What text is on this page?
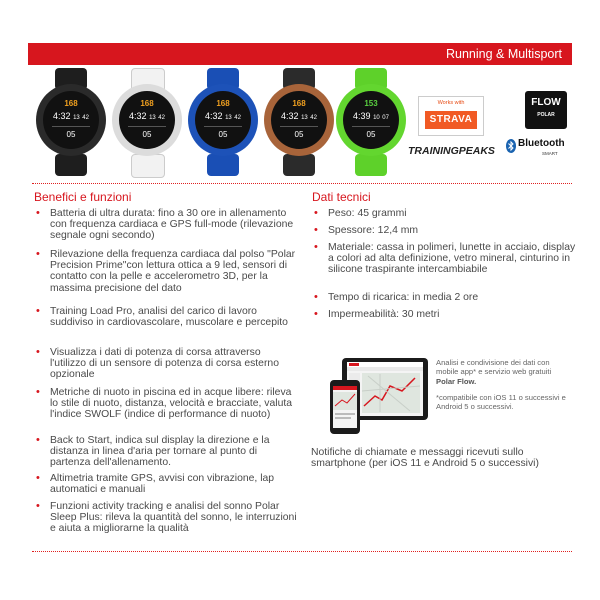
Running & Multisport
168
4:32 13 42
05
168
4:32 13 42
05
168
4:32 13 42
05
168
4:32 13 42
05
153
4:39 10 07
05
Works with
STRAVA
TRAININGPEAKS
FLOW
POLAR
Bluetooth
SMART
Benefici e funzioni
• Batteria di ultra durata: fino a 30 ore in allenamento con frequenza cardiaca e GPS full-mode (rilevazione segnale ogni secondo)
• Rilevazione della frequenza cardiaca dal polso "Polar Precision Prime"con lettura ottica a 9 led, sensori di contatto con la pelle e accelerometro 3D, per la massima precisione del dato
• Training Load Pro, analisi del carico di lavoro suddiviso in cardiovascolare, muscolare e percepito
• Visualizza i dati di potenza di corsa attraverso l'utilizzo di un sensore di potenza di corsa esterno opzionale
• Metriche di nuoto in piscina ed in acque libere: rileva lo stile di nuoto, distanza, velocità e bracciate, valuta l'indice SWOLF (indice di performance di nuoto)
• Back to Start, indica sul display la direzione e la distanza in linea d'aria per tornare al punto di partenza dell'allenamento.
• Altimetria tramite GPS, avvisi con vibrazione, lap automatici e manuali
• Funzioni activity tracking e analisi del sonno Polar Sleep Plus: rileva la quantità del sonno, le interruzioni e aiuta a migliorarne la qualità
Dati tecnici
• Peso: 45 grammi
• Spessore: 12,4 mm
• Materiale: cassa in polimeri, lunette in acciaio, display a colori ad alta definizione, vetro mineral, cinturino in silicone traspirante intercambiabile
• Tempo di ricarica: in media 2 ore
• Impermeabilità: 30 metri

Analisi e condivisione dei dati con mobile app* e servizio web gratuiti Polar Flow.

*compatibile con iOS 11 o successivi e Android 5 o successivi.

Notifiche di chiamate e messaggi ricevuti sullo smartphone (per iOS 11 e Android 5 o successivi)
